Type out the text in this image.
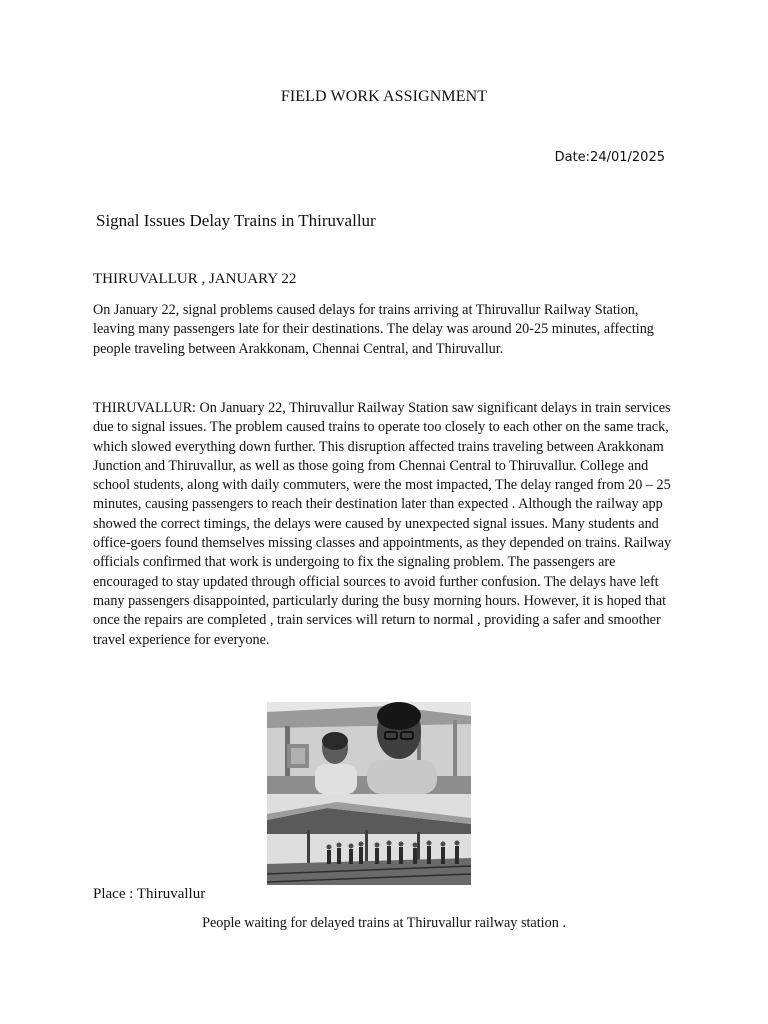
FIELD WORK ASSIGNMENT
Date:24/01/2025
Signal Issues Delay Trains in Thiruvallur
THIRUVALLUR , JANUARY 22

On January 22, signal problems caused delays for trains arriving at Thiruvallur Railway Station, leaving many passengers late for their destinations. The delay was around 20-25 minutes, affecting people traveling between Arakkonam, Chennai Central, and Thiruvallur.

THIRUVALLUR: On January 22, Thiruvallur Railway Station saw significant delays in train services due to signal issues. The problem caused trains to operate too closely to each other on the same track, which slowed everything down further. This disruption affected trains traveling between Arakkonam Junction and Thiruvallur, as well as those going from Chennai Central to Thiruvallur. College and school students, along with daily commuters, were the most impacted, The delay ranged from 20 – 25 minutes, causing passengers to reach their destination later than expected . Although the railway app showed the correct timings, the delays were caused by unexpected signal issues. Many students and office-goers found themselves missing classes and appointments, as they depended on trains. Railway officials confirmed that work is undergoing to fix the signaling problem. The passengers are encouraged to stay updated through official sources to avoid further confusion. The delays have left many passengers disappointed, particularly during the busy morning hours. However, it is hoped that once the repairs are completed , train services will return to normal , providing a safer and smoother travel experience for everyone.

Place : Thiruvallur
People waiting for delayed trains at Thiruvallur railway station .
